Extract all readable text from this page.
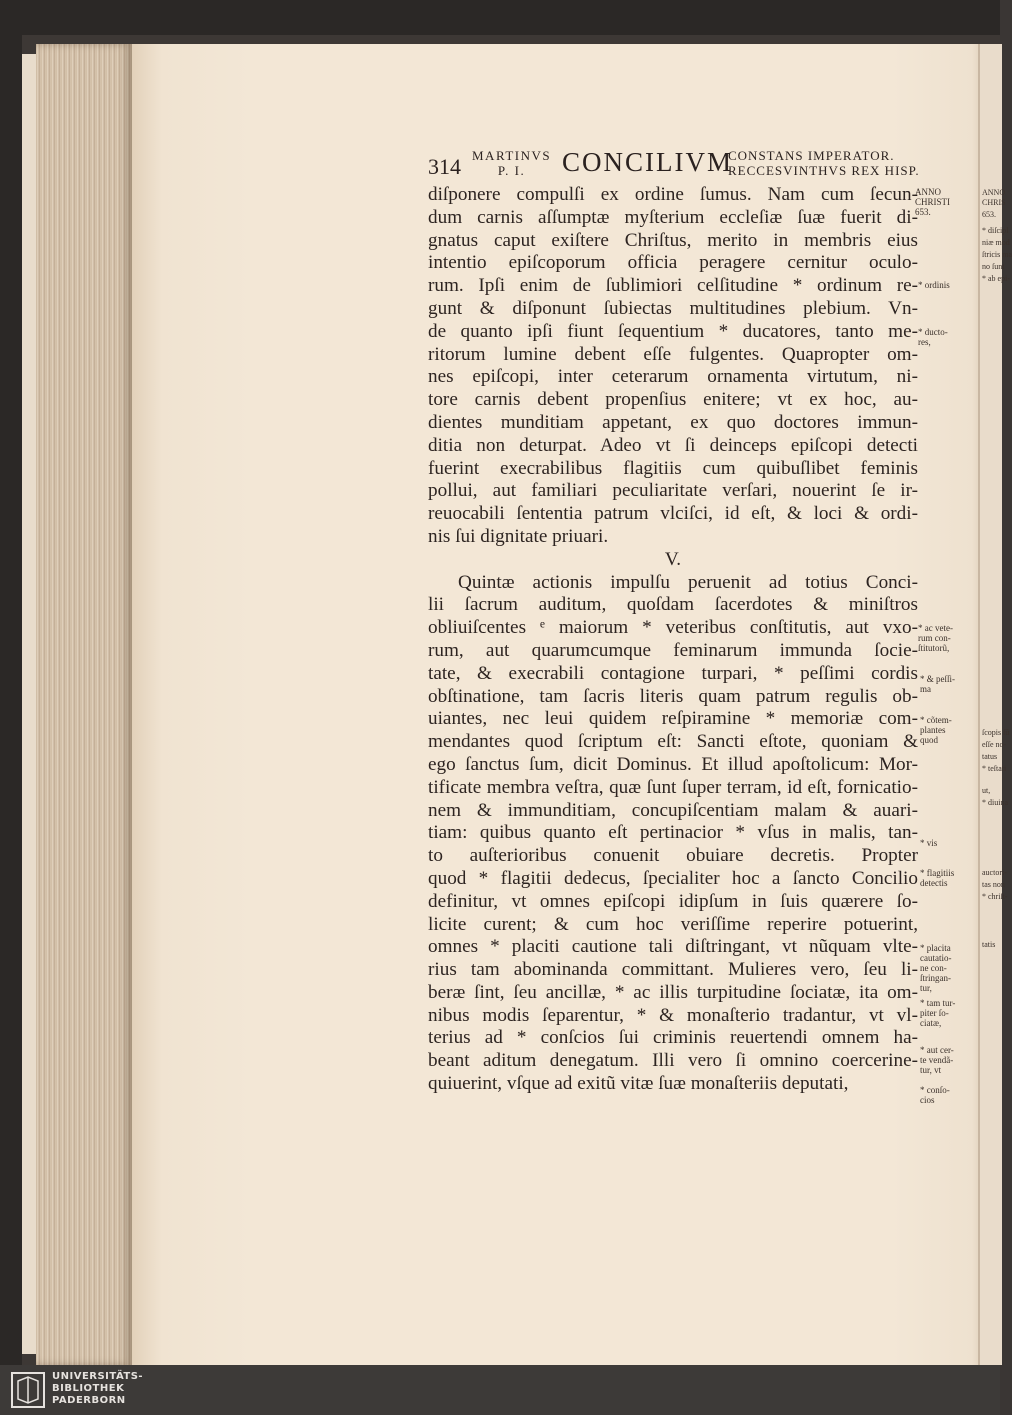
314 MARTINVS
P. I.	CONCILIVM
CONSTANS IMPERATOR.
RECCESVINTHVS REX HISP.
diſponere compulſi ex ordine ſumus. Nam cum ſecun-
dum carnis aſſumptæ myſterium eccleſiæ ſuæ fuerit di-
gnatus caput exiſtere Chriſtus, merito in membris eius
intentio epiſcoporum officia peragere cernitur oculo-
rum. Ipſi enim de ſublimiori celſitudine * ordinum re-
gunt & diſponunt ſubiectas multitudines plebium. Vn-
de quanto ipſi fiunt ſequentium * ducatores, tanto me-
ritorum lumine debent eſſe fulgentes. Quapropter om-
nes epiſcopi, inter ceterarum ornamenta virtutum, ni-
tore carnis debent propenſius enitere; vt ex hoc, au-
dientes munditiam appetant, ex quo doctores immun-
ditia non deturpat. Adeo vt ſi deinceps epiſcopi detecti
fuerint execrabilibus flagitiis cum quibuſlibet feminis
pollui, aut familiari peculiaritate verſari, nouerint ſe ir-
reuocabili ſententia patrum vlciſci, id eſt, & loci & ordi-
nis ſui dignitate priuari.
V.
Quintæ actionis impulſu peruenit ad totius Conci-
lii ſacrum auditum, quoſdam ſacerdotes & miniſtros
obliuiſcentes ᵉ maiorum * veteribus conſtitutis, aut vxo-
rum, aut quarumcumque feminarum immunda ſocie-
tate, & execrabili contagione turpari, * peſſimi cordis
obſtinatione, tam ſacris literis quam patrum regulis ob-
uiantes, nec leui quidem reſpiramine * memoriæ com-
mendantes quod ſcriptum eſt: Sancti eſtote, quoniam &
ego ſanctus ſum, dicit Dominus. Et illud apoſtolicum: Mor-
tificate membra veſtra, quæ ſunt ſuper terram, id eſt, fornicatio-
nem & immunditiam, concupiſcentiam malam & auari-
tiam: quibus quanto eſt pertinacior * vſus in malis, tan-
to auſterioribus conuenit obuiare decretis. Propter
quod * flagitii dedecus, ſpecialiter hoc a ſancto Concilio
definitur, vt omnes epiſcopi idipſum in ſuis quærere ſo-
licite curent; & cum hoc veriſſime reperire potuerint,
omnes * placiti cautione tali diſtringant, vt nũquam vlte-
rius tam abominanda committant. Mulieres vero, ſeu li-
beræ ſint, ſeu ancillæ, * ac illis turpitudine ſociatæ, ita om-
nibus modis ſeparentur, * & monaſterio tradantur, vt vl-
terius ad * conſcios ſui criminis reuertendi omnem ha-
beant aditum denegatum. Illi vero ſi omnino coercerine-
quiuerint, vſque ad exitũ vitæ ſuæ monaſteriis deputati,
ANNO
CHRISTI
653.
* ordinis
* ducto-
res,
* ac vete-
rum con-
ſtitutorũ,
* & peſſi-
ma
* cõtem-
plantes
quod
* vis
* flagitiis
detectis
* placita
cautatio-
ne con-
ſtringan-
tur,
* tam tur-
piter ſo-
ciatæ,
* aut cer-
te vendã-
tur, vt
* conſo-
cios
ANNO
CHRIS
653.
* diſcipl
niæ mod
ſtricis ma
no ſunt
* ab epi-
ſcopis ſũ
eſſe no-
tatus
* teſtati
ut,
* diuina
auctori-
tas non
* chriſt-
tatis
UNIVERSITÄTS-
BIBLIOTHEK
PADERBORN
